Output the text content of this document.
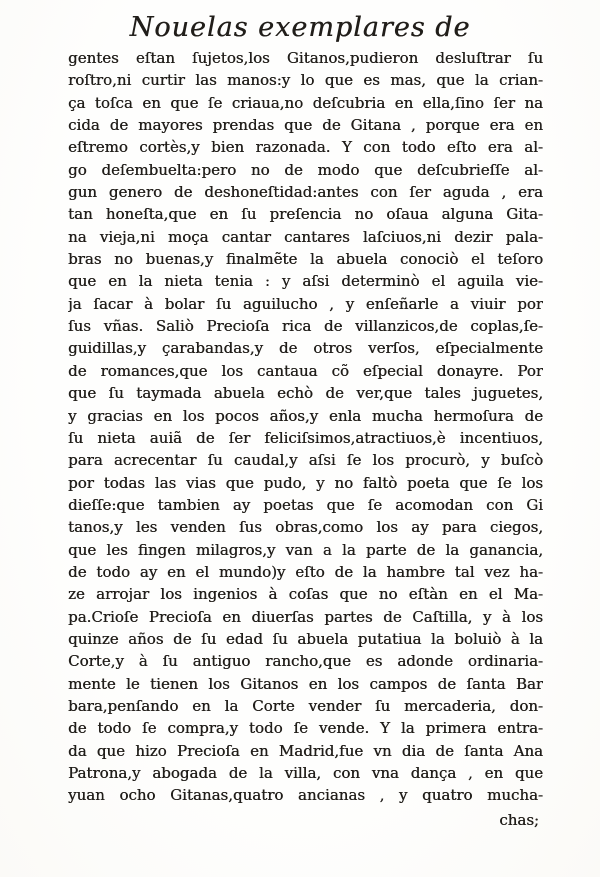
Nouelas exemplares de
gentes eſtan ſujetos,los Gitanos,pudieron desluſtrar ſu
roſtro,ni curtir las manos:y lo que es mas, que la crian-
ça toſca en que ſe criaua,no deſcubria en ella,ſino ſer na
cida de mayores prendas que de Gitana , porque era en
eſtremo cortès,y bien razonada. Y con todo eſto era al-
go deſembuelta:pero no de modo que deſcubrieſſe al-
gun genero de deshoneſtidad:antes con ſer aguda , era
tan honeſta,que en ſu preſencia no oſaua alguna Gita-
na vieja,ni moça cantar cantares laſciuos,ni dezir pala-
bras no buenas,y finalmẽte la abuela conociò el teſoro
que en la nieta tenia : y aſsi determinò el aguila vie-
ja ſacar à bolar ſu aguilucho , y enſeñarle a viuir por
ſus vñas. Saliò Precioſa rica de villanzicos,de coplas,ſe-
guidillas,y çarabandas,y de otros verſos, eſpecialmente
de romances,que los cantaua cõ eſpecial donayre. Por
que ſu taymada abuela echò de ver,que tales juguetes,
y gracias en los pocos años,y enla mucha hermoſura de
ſu nieta auiã de ſer feliciſsimos,atractiuos,è incentiuos,
para acrecentar ſu caudal,y aſsi ſe los procurò, y buſcò
por todas las vias que pudo, y no faltò poeta que ſe los
dieſſe:que tambien ay poetas que ſe acomodan con Gi
tanos,y les venden ſus obras,como los ay para ciegos,
que les fingen milagros,y van a la parte de la ganancia,
de todo ay en el mundo)y eſto de la hambre tal vez ha-
ze arrojar los ingenios à coſas que no eſtàn en el Ma-
pa.Crioſe Precioſa en diuerſas partes de Caſtilla, y à los
quinze años de ſu edad ſu abuela putatiua la boluiò à la
Corte,y à ſu antiguo rancho,que es adonde ordinaria-
mente le tienen los Gitanos en los campos de ſanta Bar
bara,penſando en la Corte vender ſu mercaderia, don-
de todo ſe compra,y todo ſe vende. Y la primera entra-
da que hizo Precioſa en Madrid,fue vn dia de ſanta Ana
Patrona,y abogada de la villa, con vna dança , en que
yuan ocho Gitanas,quatro ancianas , y quatro mucha-
chas;
